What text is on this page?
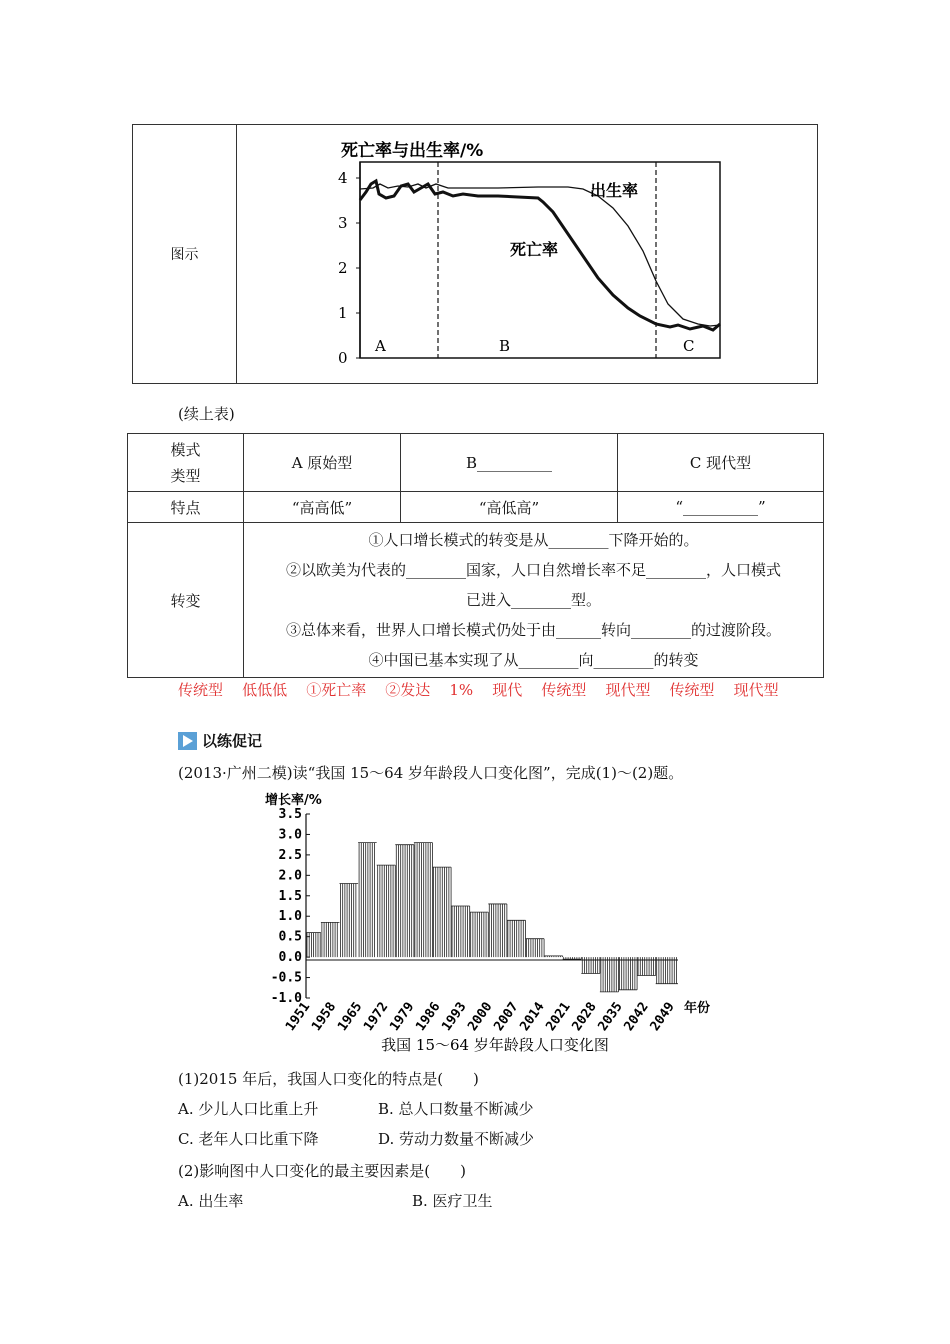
图示	
死亡率与出生率/%
0
1
2
3
4
出生率
死亡率
A	B	C
(续上表)
模式
类型	A 原始型	B__________	C 现代型
特点	“高高低”	“高低高”	“__________”
转变	①人口增长模式的转变是从________下降开始的。
②以欧美为代表的________国家，人口自然增长率不足________，人口模式
已进入________型。
③总体来看，世界人口增长模式仍处于由______转向________的过渡阶段。
④中国已基本实现了从________向________的转变		
传统型 低低低 ①死亡率 ②发达 1% 现代 传统型 现代型 传统型 现代型
以练促记
(2013·广州二模)读“我国 15～64 岁年龄段人口变化图”，完成(1)～(2)题。
增长率/%
3.5
3.0
2.5
2.0
1.5
1.0
0.5
0.0
-0.5
-1.0
1951
1958
1965
1972
1979
1986
1993
2000
2007
2014
2021
2028
2035
2042
2049 年份
我国 15～64 岁年龄段人口变化图
(1)2015 年后，我国人口变化的特点是(　　)
A. 少儿人口比重上升	B. 总人口数量不断减少
C. 老年人口比重下降	D. 劳动力数量不断减少
(2)影响图中人口变化的最主要因素是(　　)
A. 出生率	B. 医疗卫生
